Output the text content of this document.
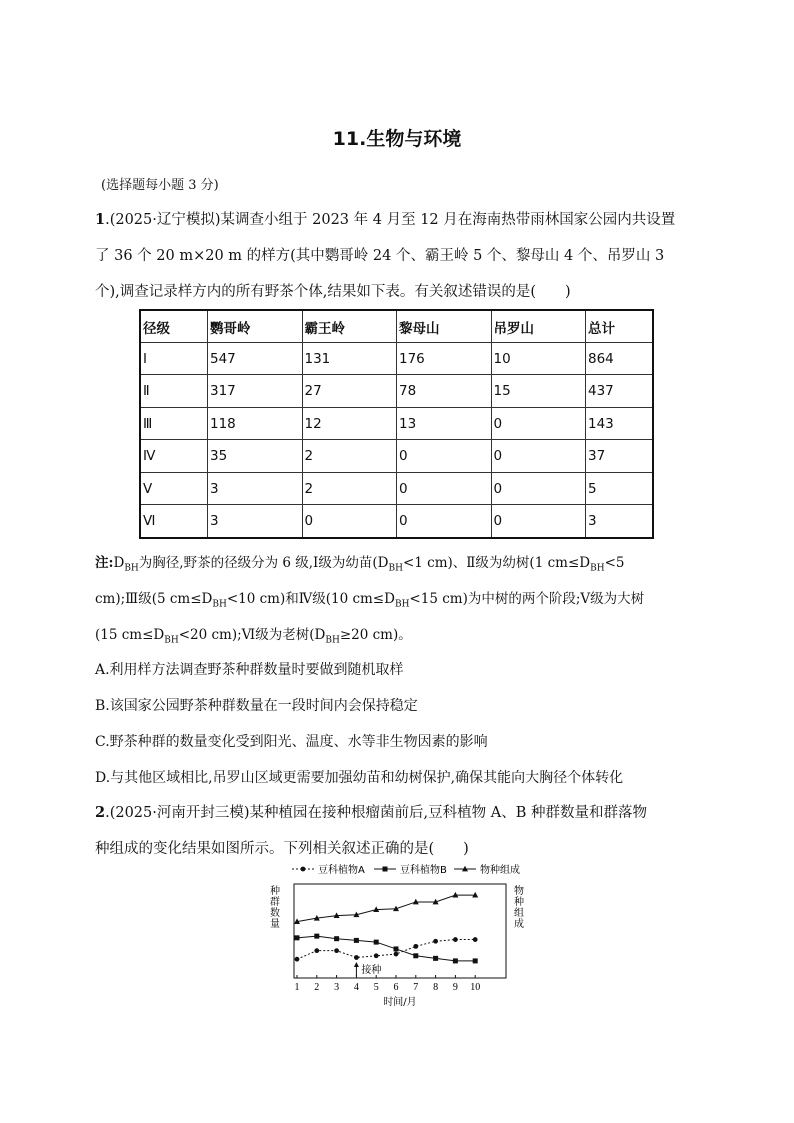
11.生物与环境
(选择题每小题 3 分)
1.(2025·辽宁模拟)某调查小组于 2023 年 4 月至 12 月在海南热带雨林国家公园内共设置
了 36 个 20 m×20 m 的样方(其中鹦哥岭 24 个、霸王岭 5 个、黎母山 4 个、吊罗山 3
个),调查记录样方内的所有野茶个体,结果如下表。有关叙述错误的是(　　)
径级	鹦哥岭	霸王岭	黎母山	吊罗山	总计
Ⅰ	547	131	176	10	864
Ⅱ	317	27	78	15	437
Ⅲ	118	12	13	0	143
Ⅳ	35	2	0	0	37
Ⅴ	3	2	0	0	5
Ⅵ	3	0	0	0	3
注$:D_{BH}$为胸径,野茶的径级分为 6 级,Ⅰ级为幼苗($D_{BH}<1$ cm)、Ⅱ级为幼树(1 $cm\le D_{BH}<5$
cm);Ⅲ级(5 $cm\le D_{BH}<10$ cm)和Ⅳ级(10 $cm\le D_{BH}<15$ cm)为中树的两个阶段;Ⅴ级为大树
(15 $cm\le D_{BH}<20$ cm);Ⅵ级为老树($D_{BH}\ge 20$ cm)。
A.利用样方法调查野茶种群数量时要做到随机取样
B.该国家公园野茶种群数量在一段时间内会保持稳定
C.野茶种群的数量变化受到阳光、温度、水等非生物因素的影响
D.与其他区域相比,吊罗山区域更需要加强幼苗和幼树保护,确保其能向大胸径个体转化
2.(2025·河南开封三模)某种植园在接种根瘤菌前后,豆科植物 A、B 种群数量和群落物
种组成的变化结果如图所示。下列相关叙述正确的是(　　)
1 2 3 4 5 6 7 8 9 10
时间/月
种群数量
物种组成
豆科植物A	豆科植物B	物种组成
接种
